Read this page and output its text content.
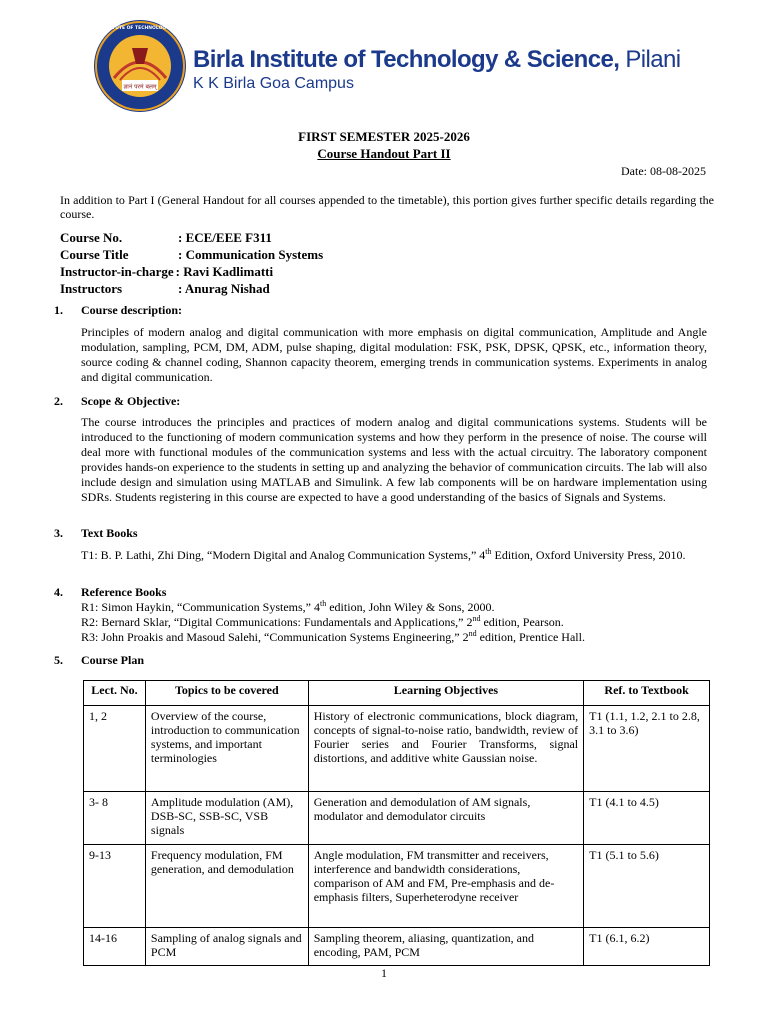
ज्ञानं परमं बलम्
BIRLA INSTITUTE OF TECHNOLOGY & SCIENCE
Birla Institute of Technology & Science, Pilani
K K Birla Goa Campus
FIRST SEMESTER 2025-2026
Course Handout Part II
Date: 08-08-2025
In addition to Part I (General Handout for all courses appended to the timetable), this portion gives further specific details regarding the course.
Course No.	: ECE/EEE F311
Course Title	: Communication Systems
Instructor-in-charge : Ravi Kadlimatti
Instructors	: Anurag Nishad
1. Course description:
Principles of modern analog and digital communication with more emphasis on digital communication, Amplitude and Angle modulation, sampling, PCM, DM, ADM, pulse shaping, digital modulation: FSK, PSK, DPSK, QPSK, etc., information theory, source coding & channel coding, Shannon capacity theorem, emerging trends in communication systems. Experiments in analog and digital communication.
2. Scope & Objective:
The course introduces the principles and practices of modern analog and digital communications systems. Students will be introduced to the functioning of modern communication systems and how they perform in the presence of noise. The course will deal more with functional modules of the communication systems and less with the actual circuitry. The laboratory component provides hands-on experience to the students in setting up and analyzing the behavior of communication circuits. The lab will also include design and simulation using MATLAB and Simulink. A few lab components will be on hardware implementation using SDRs. Students registering in this course are expected to have a good understanding of the basics of Signals and Systems.
3. Text Books
T1: B. P. Lathi, Zhi Ding, “Modern Digital and Analog Communication Systems,” 4th Edition, Oxford University Press, 2010.
4. Reference Books
R1: Simon Haykin, “Communication Systems,” 4th edition, John Wiley & Sons, 2000.
R2: Bernard Sklar, “Digital Communications: Fundamentals and Applications,” 2nd edition, Pearson.
R3: John Proakis and Masoud Salehi, “Communication Systems Engineering,” 2nd edition, Prentice Hall.
5. Course Plan
Lect. No.	Topics to be covered	Learning Objectives	Ref. to Textbook
1, 2	Overview of the course, introduction to communication systems, and important terminologies	History of electronic communications, block diagram, concepts of signal-to-noise ratio, bandwidth, review of Fourier series and Fourier Transforms, signal distortions, and additive white Gaussian noise.	T1 (1.1, 1.2, 2.1 to 2.8, 3.1 to 3.6)
3- 8	Amplitude modulation (AM), DSB-SC, SSB-SC, VSB signals	Generation and demodulation of AM signals, modulator and demodulator circuits	T1 (4.1 to 4.5)
9-13	Frequency modulation, FM generation, and demodulation	Angle modulation, FM transmitter and receivers, interference and bandwidth considerations, comparison of AM and FM, Pre-emphasis and de-emphasis filters, Superheterodyne receiver	T1 (5.1 to 5.6)
14-16	Sampling of analog signals and PCM	Sampling theorem, aliasing, quantization, and encoding, PAM, PCM	T1 (6.1, 6.2)
1
